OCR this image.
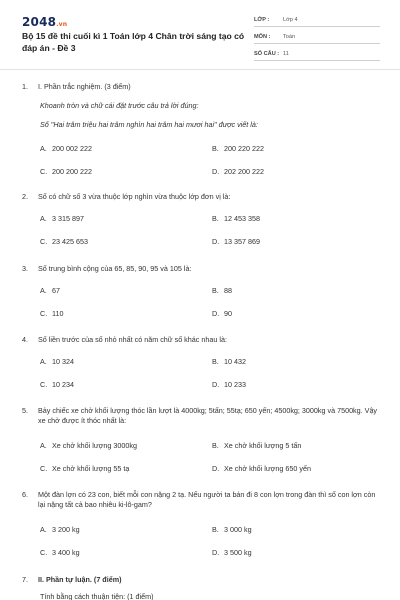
2048.vn
Bộ 15 đề thi cuối kì 1 Toán lớp 4 Chân trời sáng tạo có đáp án - Đề 3
LỚP :	Lớp 4
MÔN :	Toán
SỐ CÂU : 11
1.	I. Phần trắc nghiệm. (3 điểm)
Khoanh tròn và chữ cái đặt trước câu trả lời đúng:
Số "Hai trăm triệu hai trăm nghìn hai trăm hai mươi hai" được viết là:
A. 200 002 222	B. 200 220 222
C. 200 200 222	D. 202 200 222
2.	Số có chữ số 3 vừa thuộc lớp nghìn vừa thuộc lớp đơn vị là:
A. 3 315 897	B. 12 453 358
C. 23 425 653	D. 13 357 869
3.	Số trung bình cộng của 65, 85, 90, 95 và 105 là:
A. 67	B. 88
C. 110	D. 90
4.	Số liền trước của số nhỏ nhất có năm chữ số khác nhau là:
A. 10 324	B. 10 432
C. 10 234	D. 10 233
5.	Bảy chiếc xe chở khối lượng thóc lần lượt là 4000kg; 5tấn; 55tạ; 650 yến; 4500kg; 3000kg và 7500kg. Vậy xe chở được ít thóc nhất là:
A. Xe chở khối lượng 3000kg	B. Xe chở khối lượng 5 tấn
C. Xe chở khối lượng 55 tạ	D. Xe chở khối lượng 650 yến
6.	Một đàn lợn có 23 con, biết mỗi con nặng 2 tạ. Nếu người ta bán đi 8 con lợn trong đàn thì số con lợn còn lại nặng tất cả bao nhiêu ki-lô-gam?
A. 3 200 kg	B. 3 000 kg
C. 3 400 kg	D. 3 500 kg
7.	II. Phần tự luận. (7 điểm)
Tính bằng cách thuận tiện: (1 điểm)
